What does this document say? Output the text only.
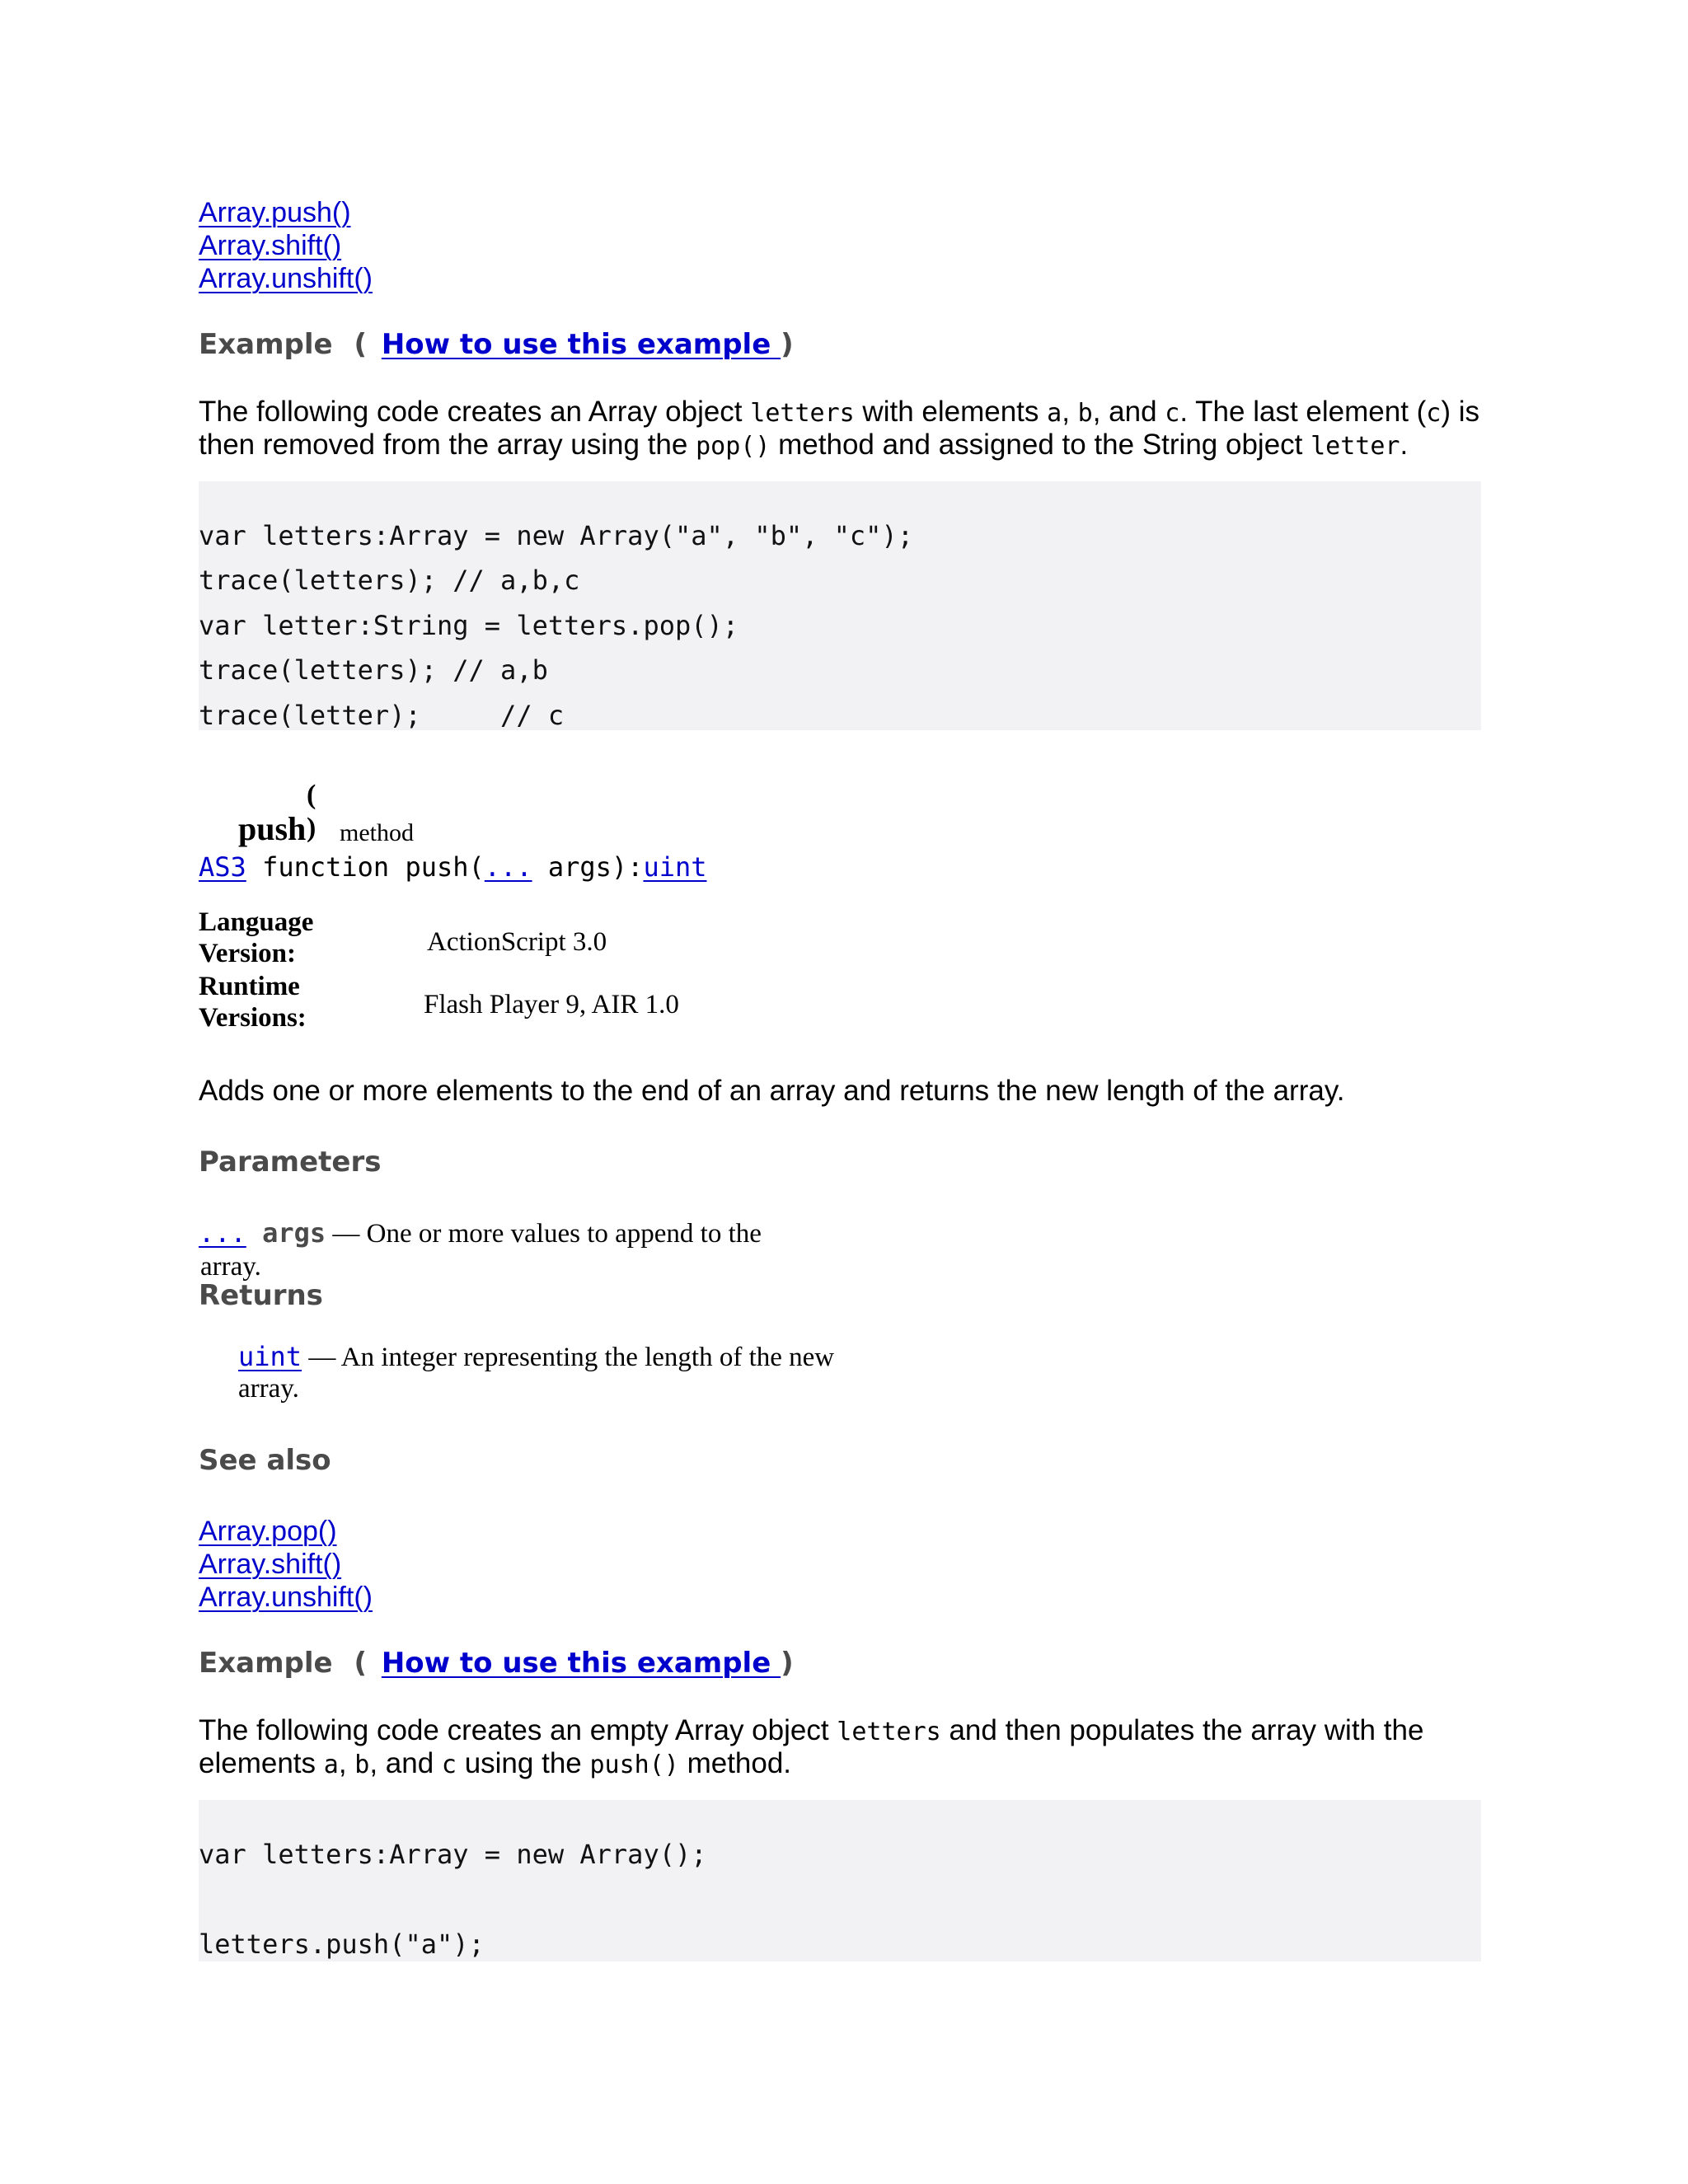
Array.push()
Array.shift()
Array.unshift()
Example ( How to use this example )
The following code creates an Array object letters with elements a, b, and c. The last element (c) is
then removed from the array using the pop() method and assigned to the String object letter.
var letters:Array = new Array("a", "b", "c");
trace(letters); // a,b,c
var letter:String = letters.pop();
trace(letters); // a,b
trace(letter);     // c
(
push ) method
AS3 function push(... args):uint
Language
Version:	ActionScript 3.0
Runtime
Versions:	Flash Player 9, AIR 1.0
Adds one or more elements to the end of an array and returns the new length of the array.
Parameters
... args — One or more values to append to the
array.
Returns
uint — An integer representing the length of the new
array.
See also
Array.pop()
Array.shift()
Array.unshift()
Example ( How to use this example )
The following code creates an empty Array object letters and then populates the array with the
elements a, b, and c using the push() method.
var letters:Array = new Array();
letters.push("a");
